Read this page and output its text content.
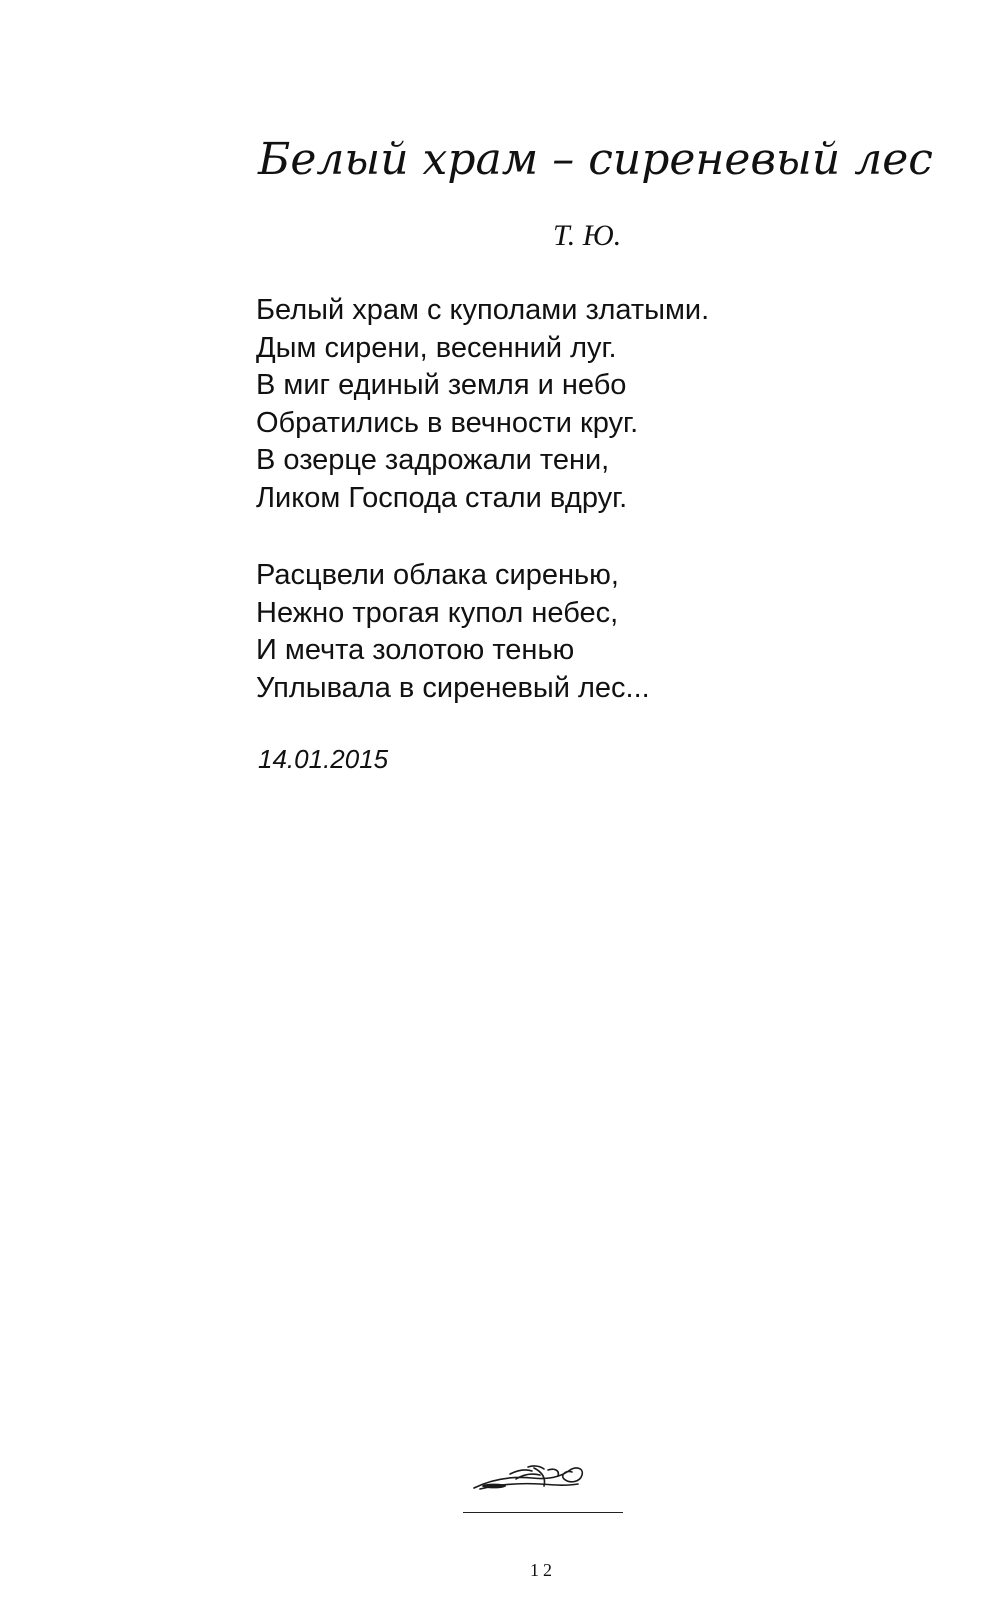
Белый храм – сиреневый лес
Т. Ю.
Белый храм с куполами златыми.
Дым сирени, весенний луг.
В миг единый земля и небо
Обратились в вечности круг.
В озерце задрожали тени,
Ликом Господа стали вдруг.
Расцвели облака сиренью,
Нежно трогая купол небес,
И мечта золотою тенью
Уплывала в сиреневый лес...
14.01.2015
12
